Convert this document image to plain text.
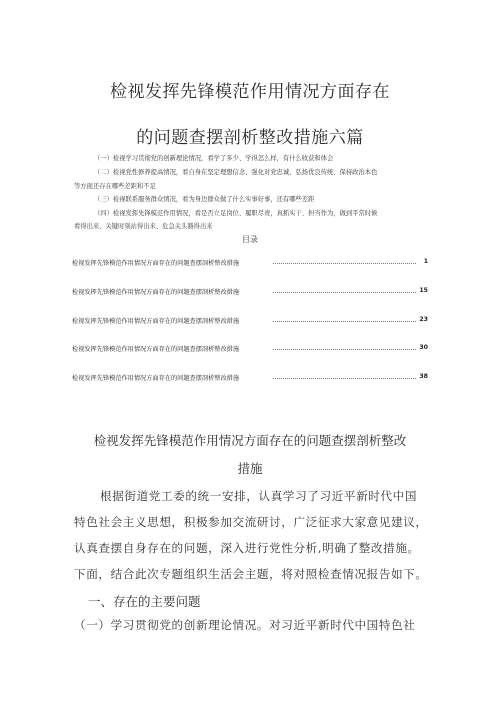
检视发挥先锋模范作用情况方面存在
的问题查摆剖析整改措施六篇
（一）检视学习贯彻党的创新理论情况，看学了多少、学得怎么样，有什么收获和体会
（二）检视党性修养提高情况，看自身在坚定理想信念、强化对党忠诚、弘扬优良传统、保持政治本色
等方面还存在哪些差距和不足
（三）检视联系服务群众情况，看为身边群众做了什么实事好事，还有哪些差距
（四）检视发挥先锋模范作用情况，看是否立足岗位、履职尽责，真抓实干、担当作为，做到平常时候
看得出来、关键时刻站得出来、危急关头豁得出来
目录
检视发挥先锋模范作用情况方面存在的问题查摆剖析整改措施	1
检视发挥先锋模范作用情况方面存在的问题查摆剖析整改措施	15
检视发挥先锋模范作用情况方面存在的问题查摆剖析整改措施	23
检视发挥先锋模范作用情况方面存在的问题查摆剖析整改措施	30
检视发挥先锋模范作用情况方面存在的问题查摆剖析整改措施	38
检视发挥先锋模范作用情况方面存在的问题查摆剖析整改
措施
根据街道党工委的统一安排，认真学习了习近平新时代中国
特色社会主义思想，积极参加交流研讨，广泛征求大家意见建议，
认真查摆自身存在的问题，深入进行党性分析,明确了整改措施。
下面，结合此次专题组织生活会主题，将对照检查情况报告如下。
一、存在的主要问题
（一）学习贯彻党的创新理论情况。对习近平新时代中国特色社
